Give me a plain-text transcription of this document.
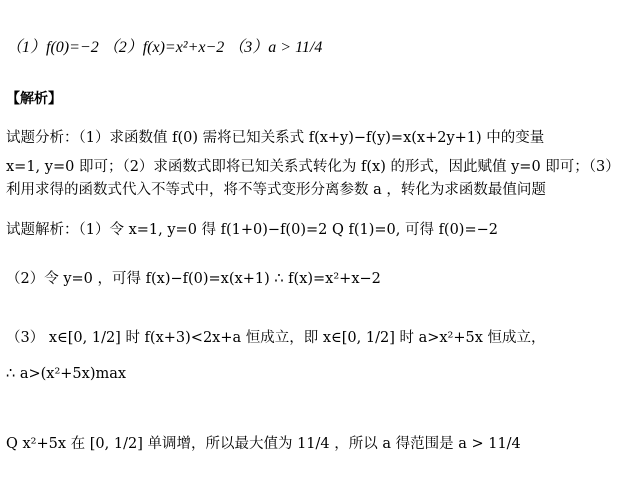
（1）f(0)=−2 （2）f(x)=x²+x−2 （3）a > 11/4
【解析】
试题分析：（1）求函数值 f(0) 需将已知关系式 f(x+y)−f(y)=x(x+2y+1) 中的变量
x=1, y=0 即可；（2）求函数式即将已知关系式转化为 f(x) 的形式，因此赋值 y=0 即可；（3）
利用求得的函数式代入不等式中，将不等式变形分离参数 a ，转化为求函数最值问题
试题解析：（1）令 x=1, y=0 得 f(1+0)−f(0)=2 Q f(1)=0, 可得 f(0)=−2
（2）令 y=0 ，可得 f(x)−f(0)=x(x+1) ∴ f(x)=x²+x−2
（3） x∈[0, 1/2] 时 f(x+3)<2x+a 恒成立，即 x∈[0, 1/2] 时 a>x²+5x 恒成立，
∴ a>(x²+5x)max
Q x²+5x 在 [0, 1/2] 单调增，所以最大值为 11/4 ，所以 a 得范围是 a > 11/4
